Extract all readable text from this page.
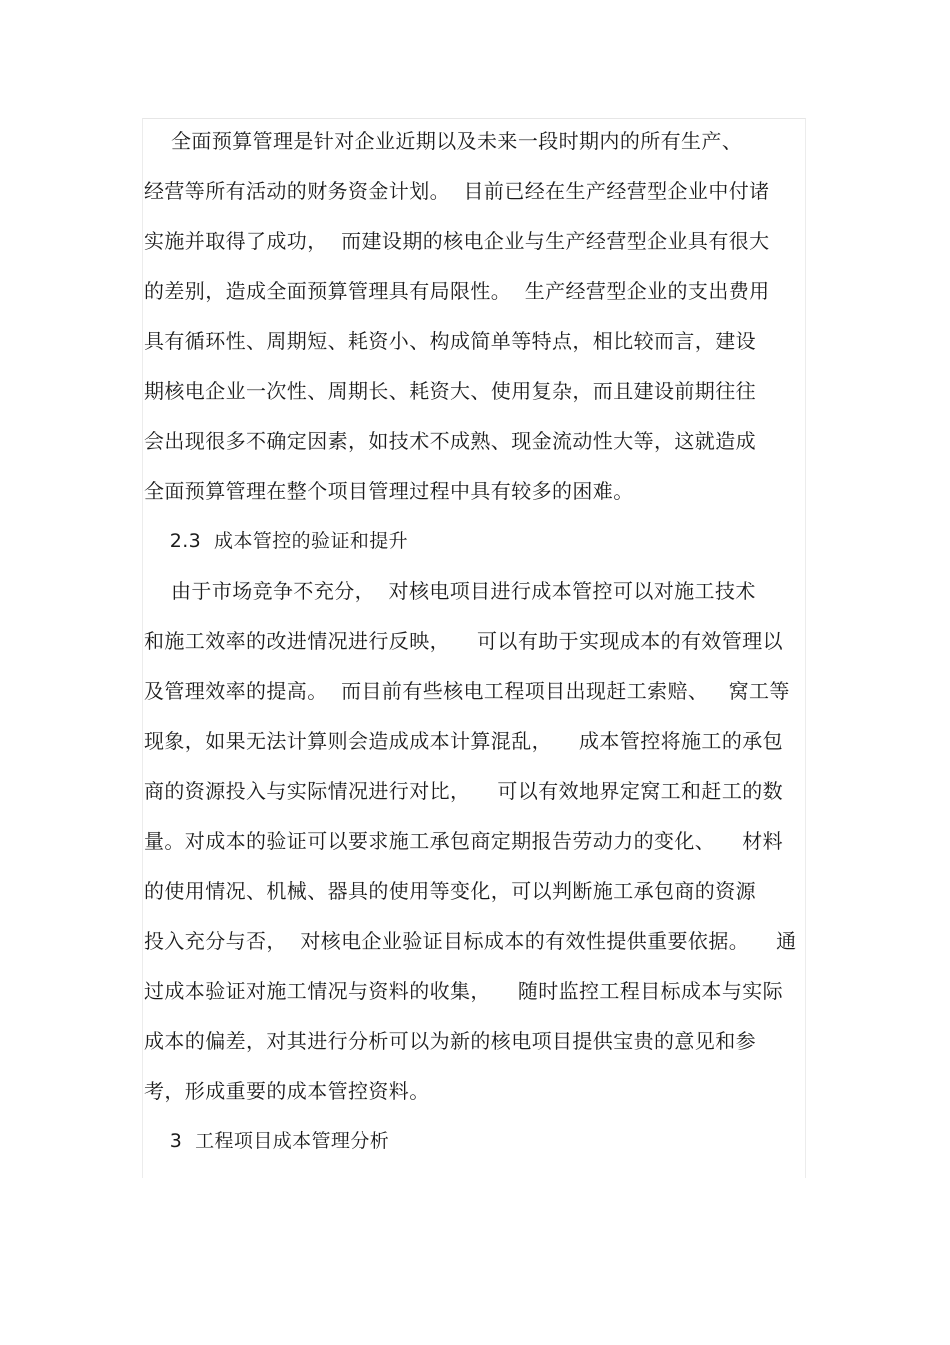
全面预算管理是针对企业近期以及未来一段时期内的所有生产、
经营等所有活动的财务资金计划。  目前已经在生产经营型企业中付诸
实施并取得了成功，  而建设期的核电企业与生产经营型企业具有很大
的差别，造成全面预算管理具有局限性。  生产经营型企业的支出费用
具有循环性、周期短、耗资小、构成简单等特点，相比较而言，建设
期核电企业一次性、周期长、耗资大、使用复杂，而且建设前期往往
会出现很多不确定因素，如技术不成熟、现金流动性大等，这就造成
全面预算管理在整个项目管理过程中具有较多的困难。
2.3  成本管控的验证和提升
由于市场竞争不充分，  对核电项目进行成本管控可以对施工技术
和施工效率的改进情况进行反映，    可以有助于实现成本的有效管理以
及管理效率的提高。  而目前有些核电工程项目出现赶工索赔、   窝工等
现象，如果无法计算则会造成成本计算混乱，    成本管控将施工的承包
商的资源投入与实际情况进行对比，    可以有效地界定窝工和赶工的数
量。对成本的验证可以要求施工承包商定期报告劳动力的变化、    材料
的使用情况、机械、器具的使用等变化，可以判断施工承包商的资源
投入充分与否，  对核电企业验证目标成本的有效性提供重要依据。    通
过成本验证对施工情况与资料的收集，    随时监控工程目标成本与实际
成本的偏差，对其进行分析可以为新的核电项目提供宝贵的意见和参
考，形成重要的成本管控资料。
3  工程项目成本管理分析
